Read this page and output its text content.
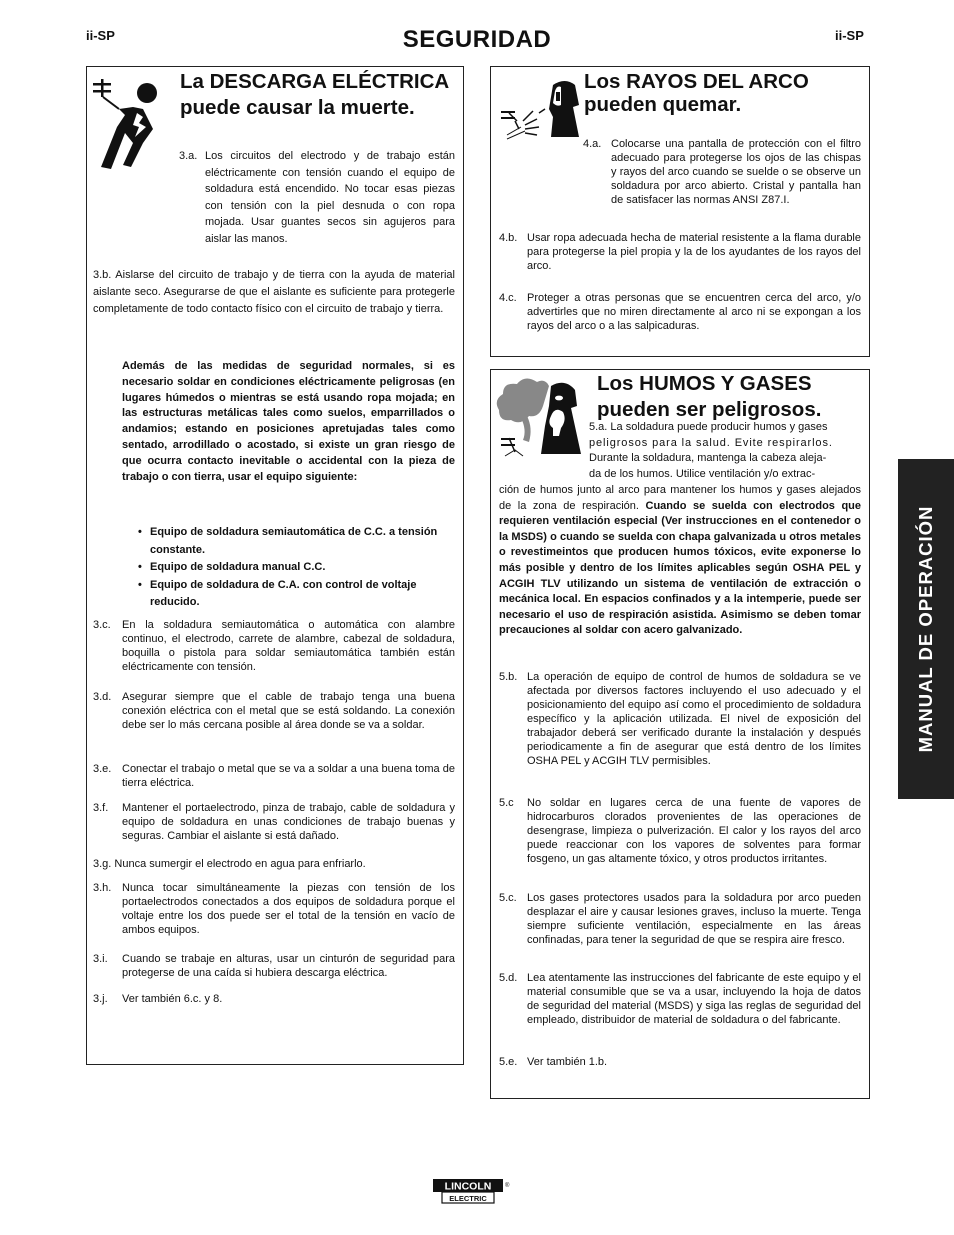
ii-SP	SEGURIDAD	ii-SP
La DESCARGA ELÉCTRICA
puede causar la muerte.
3.a. Los circuitos del electrodo y de trabajo están eléctricamente con tensión cuando el equipo de soldadura está encendido. No tocar esas piezas con tensión con la piel desnuda o con ropa mojada. Usar guantes secos sin agujeros para aislar las manos.
3.b. Aislarse del circuito de trabajo y de tierra con la ayuda de material aislante seco. Asegurarse de que el aislante es suficiente para protegerle completamente de todo contacto físico con el circuito de trabajo y tierra.
Además de las medidas de seguridad normales, si es necesario soldar en condiciones eléctricamente peligrosas (en lugares húmedos o mientras se está usando ropa mojada; en las estructuras metálicas tales como suelos, emparrillados o andamios; estando en posiciones apretujadas tales como sentado, arrodillado o acostado, si existe un gran riesgo de que ocurra contacto inevitable o accidental con la pieza de trabajo o con tierra, usar el equipo siguiente:
• Equipo de soldadura semiautomática de C.C. a tensión constante.
• Equipo de soldadura manual C.C.
• Equipo de soldadura de C.A. con control de voltaje reducido.
3.c. En la soldadura semiautomática o automática con alambre continuo, el electrodo, carrete de alambre, cabezal de soldadura, boquilla o pistola para soldar semiautomática también están eléctricamente con tensión.
3.d. Asegurar siempre que el cable de trabajo tenga una buena conexión eléctrica con el metal que se está soldando. La conexión debe ser lo más cercana posible al área donde se va a soldar.
3.e. Conectar el trabajo o metal que se va a soldar a una buena toma de tierra eléctrica.
3.f. Mantener el portaelectrodo, pinza de trabajo, cable de soldadura y equipo de soldadura en unas condiciones de trabajo buenas y seguras. Cambiar el aislante si está dañado.
3.g. Nunca sumergir el electrodo en agua para enfriarlo.
3.h. Nunca tocar simultáneamente la piezas con tensión de los portaelectrodos conectados a dos equipos de soldadura porque el voltaje entre los dos puede ser el total de la tensión en vacío de ambos equipos.
3.i. Cuando se trabaje en alturas, usar un cinturón de seguridad para protegerse de una caída si hubiera descarga eléctrica.
3.j. Ver también 6.c. y 8.
Los RAYOS DEL ARCO
pueden quemar.
4.a. Colocarse una pantalla de protección con el filtro adecuado para protegerse los ojos de las chispas y rayos del arco cuando se suelde o se observe un soldadura por arco abierto. Cristal y pantalla han de satisfacer las normas ANSI Z87.I.
4.b. Usar ropa adecuada hecha de material resistente a la flama durable para protegerse la piel propia y la de los ayudantes de los rayos del arco.
4.c. Proteger a otras personas que se encuentren cerca del arco, y/o advertirles que no miren directamente al arco ni se expongan a los rayos del arco o a las salpicaduras.
Los HUMOS Y GASES
pueden ser peligrosos.
5.a. La soldadura puede producir humos y gases
peligrosos para la salud. Evite respirarlos.
Durante la soldadura, mantenga la cabeza aleja-
da de los humos. Utilice ventilación y/o extrac-
ción de humos junto al arco para mantener los humos y gases alejados de la zona de respiración. Cuando se suelda con electrodos que requieren ventilación especial (Ver instrucciones en el contenedor o la MSDS) o cuando se suelda con chapa galvanizada u otros metales o revestimeintos que producen humos tóxicos, evite exponerse lo más posible y dentro de los límites aplicables según OSHA PEL y ACGIH TLV utilizando un sistema de ventilación de extracción o mecánica local. En espacios confinados y a la intemperie, puede ser necesario el uso de respiración asistida. Asimismo se deben tomar precauciones al soldar con acero galvanizado.
5.b. La operación de equipo de control de humos de soldadura se ve afectada por diversos factores incluyendo el uso adecuado y el posicionamiento del equipo así como el procedimiento de soldadura específico y la aplicación utilizada. El nivel de exposición del trabajador deberá ser verificado durante la instalación y después periodicamente a fin de asegurar que está dentro de los límites OSHA PEL y ACGIH TLV permisibles.
5.c No soldar en lugares cerca de una fuente de vapores de hidrocarburos clorados provenientes de las operaciones de desengrase, limpieza o pulverización. El calor y los rayos del arco puede reaccionar con los vapores de solventes para formar fosgeno, un gas altamente tóxico, y otros productos irritantes.
5.c. Los gases protectores usados para la soldadura por arco pueden desplazar el aire y causar lesiones graves, incluso la muerte. Tenga siempre suficiente ventilación, especialmente en las áreas confinadas, para tener la seguridad de que se respira aire fresco.
5.d. Lea atentamente las instrucciones del fabricante de este equipo y el material consumible que se va a usar, incluyendo la hoja de datos de seguridad del material (MSDS) y siga las reglas de seguridad del empleado, distribuidor de material de soldadura o del fabricante.
5.e. Ver también 1.b.
MANUAL DE OPERACIÓN
LINCOLN
ELECTRIC
®
